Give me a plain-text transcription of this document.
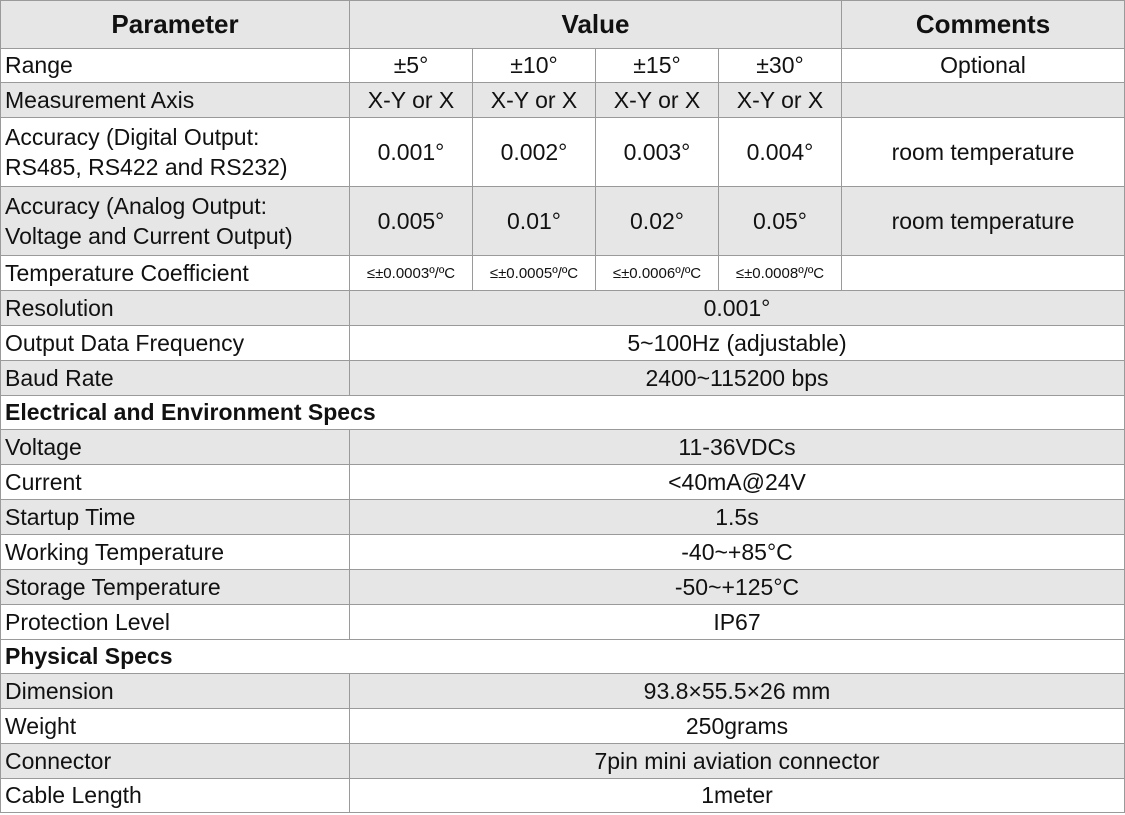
Parameter	Value				Comments
Range	±5°	±10°	±15°	±30°	Optional
Measurement Axis	X-Y or X	X-Y or X	X-Y or X	X-Y or X	
Accuracy (Digital Output:
RS485, RS422 and RS232)	0.001°	0.002°	0.003°	0.004°	room temperature
Accuracy (Analog Output:
Voltage and Current Output)	0.005°	0.01°	0.02°	0.05°	room temperature
Temperature Coefficient	≤±0.0003º/ºC	≤±0.0005º/ºC	≤±0.0006º/ºC	≤±0.0008º/ºC	
Resolution	0.001°				
Output Data Frequency	5~100Hz (adjustable)				
Baud Rate	2400~115200 bps				
Electrical and Environment Specs					
Voltage	11-36VDCs				
Current	<40mA@24V				
Startup Time	1.5s				
Working Temperature	-40~+85°C				
Storage Temperature	-50~+125°C				
Protection Level	IP67				
Physical Specs					
Dimension	93.8×55.5×26 mm				
Weight	250grams				
Connector	7pin mini aviation connector				
Cable Length	1meter				
